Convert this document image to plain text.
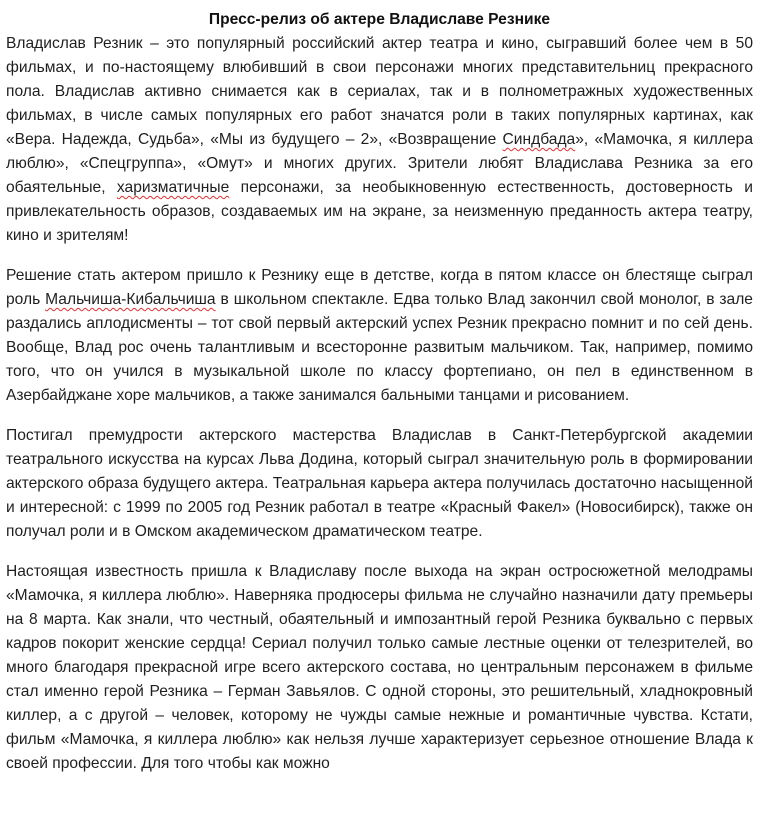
Пресс-релиз об актере Владиславе Резнике

Владислав Резник – это популярный российский актер театра и кино, сыгравший более чем в 50 фильмах, и по-настоящему влюбивший в свои персонажи многих представительниц прекрасного пола. Владислав активно снимается как в сериалах, так и в полнометражных художественных фильмах, в числе самых популярных его работ значатся роли в таких популярных картинах, как «Вера. Надежда, Судьба», «Мы из будущего – 2», «Возвращение Синдбада», «Мамочка, я киллера люблю», «Спецгруппа», «Омут» и многих других. Зрители любят Владислава Резника за его обаятельные, харизматичные персонажи, за необыкновенную естественность, достоверность и привлекательность образов, создаваемых им на экране, за неизменную преданность актера театру, кино и зрителям!

Решение стать актером пришло к Резнику еще в детстве, когда в пятом классе он блестяще сыграл роль Мальчиша-Кибальчиша в школьном спектакле. Едва только Влад закончил свой монолог, в зале раздались аплодисменты – тот свой первый актерский успех Резник прекрасно помнит и по сей день. Вообще, Влад рос очень талантливым и всесторонне развитым мальчиком. Так, например, помимо того, что он учился в музыкальной школе по классу фортепиано, он пел в единственном в Азербайджане хоре мальчиков, а также занимался бальными танцами и рисованием.

Постигал премудрости актерского мастерства Владислав в Санкт-Петербургской академии театрального искусства на курсах Льва Додина, который сыграл значительную роль в формировании актерского образа будущего актера. Театральная карьера актера получилась достаточно насыщенной и интересной: с 1999 по 2005 год Резник работал в театре «Красный Факел» (Новосибирск), также он получал роли и в Омском академическом драматическом театре.

Настоящая известность пришла к Владиславу после выхода на экран остросюжетной мелодрамы «Мамочка, я киллера люблю». Наверняка продюсеры фильма не случайно назначили дату премьеры на 8 марта. Как знали, что честный, обаятельный и импозантный герой Резника буквально с первых кадров покорит женские сердца! Сериал получил только самые лестные оценки от телезрителей, во много благодаря прекрасной игре всего актерского состава, но центральным персонажем в фильме стал именно герой Резника – Герман Завьялов. С одной стороны, это решительный, хладнокровный киллер, а с другой – человек, которому не чужды самые нежные и романтичные чувства. Кстати, фильм «Мамочка, я киллера люблю» как нельзя лучше характеризует серьезное отношение Влада к своей профессии. Для того чтобы как можно
